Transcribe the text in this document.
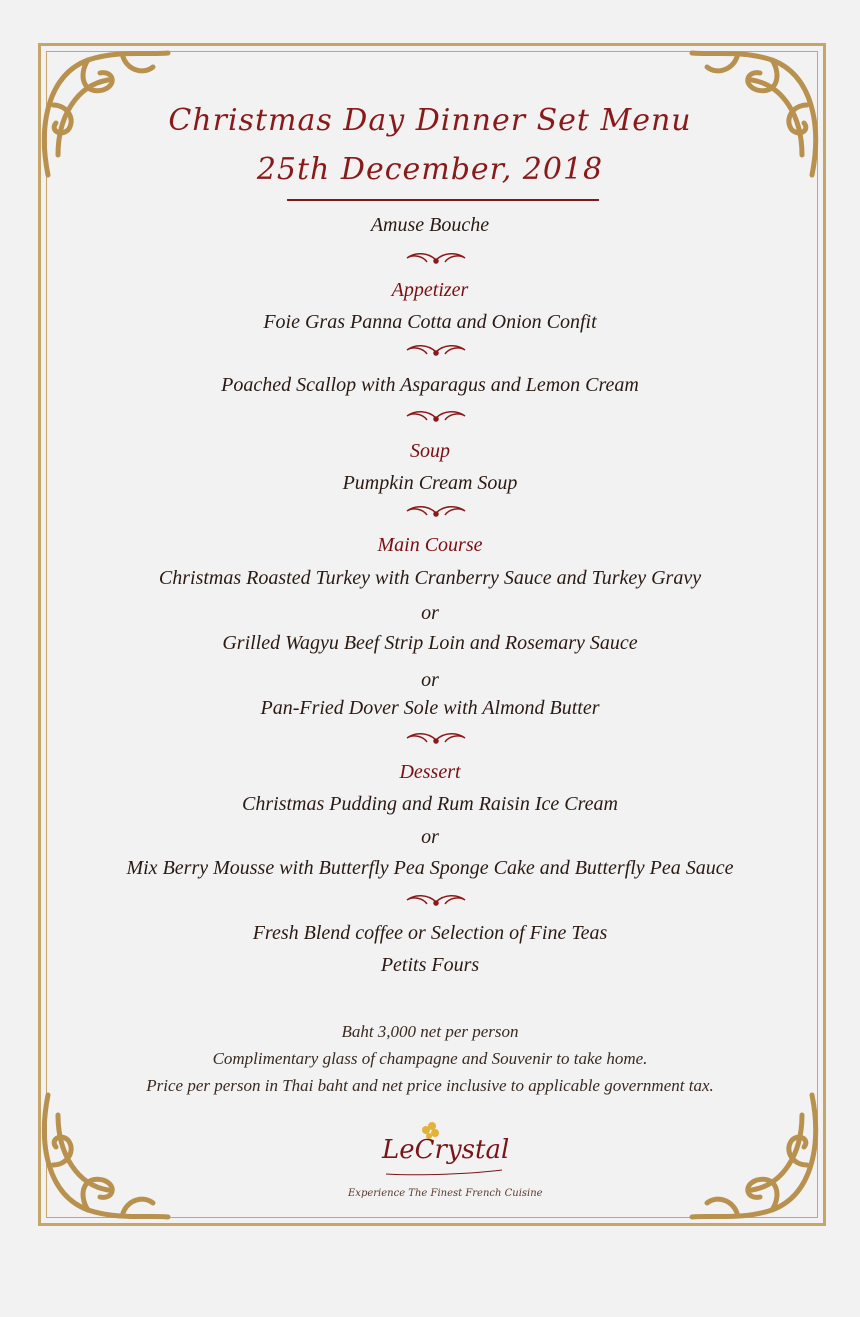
Christmas Day Dinner Set Menu
25th December, 2018
Amuse Bouche
Appetizer
Foie Gras Panna Cotta and Onion Confit
Poached Scallop with Asparagus and Lemon Cream
Soup
Pumpkin Cream Soup
Main Course
Christmas Roasted Turkey with Cranberry Sauce and Turkey Gravy
or
Grilled Wagyu Beef Strip Loin and Rosemary Sauce
or
Pan-Fried Dover Sole with Almond Butter
Dessert
Christmas Pudding and Rum Raisin Ice Cream
or
Mix Berry Mousse with Butterfly Pea Sponge Cake and Butterfly Pea Sauce
Fresh Blend coffee or Selection of Fine Teas
Petits Fours
Baht 3,000 net per person
Complimentary glass of champagne and Souvenir to take home.
Price per person in Thai baht and net price inclusive to applicable government tax.
LeCrystal
Experience The Finest French Cuisine
